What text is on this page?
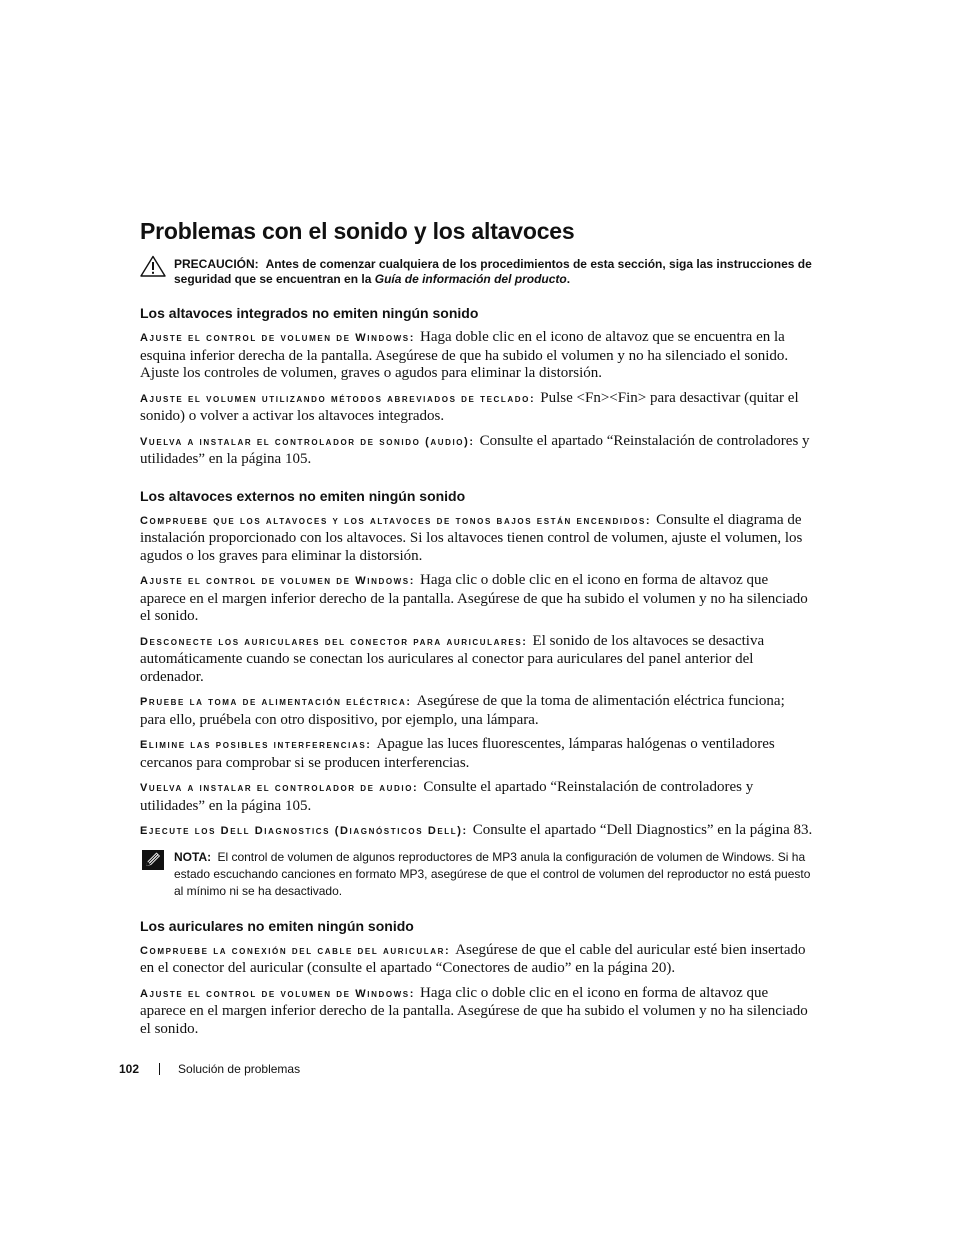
Problemas con el sonido y los altavoces
PRECAUCIÓN: Antes de comenzar cualquiera de los procedimientos de esta sección, siga las instrucciones de seguridad que se encuentran en la Guía de información del producto.
Los altavoces integrados no emiten ningún sonido

Ajuste el control de volumen de Windows: Haga doble clic en el icono de altavoz que se encuentra en la esquina inferior derecha de la pantalla. Asegúrese de que ha subido el volumen y no ha silenciado el sonido. Ajuste los controles de volumen, graves o agudos para eliminar la distorsión.

Ajuste el volumen utilizando métodos abreviados de teclado: Pulse <Fn><Fin> para desactivar (quitar el sonido) o volver a activar los altavoces integrados.

Vuelva a instalar el controlador de sonido (audio): Consulte el apartado “Reinstalación de controladores y utilidades” en la página 105.

Los altavoces externos no emiten ningún sonido

Compruebe que los altavoces y los altavoces de tonos bajos están encendidos: Consulte el diagrama de instalación proporcionado con los altavoces. Si los altavoces tienen control de volumen, ajuste el volumen, los agudos o los graves para eliminar la distorsión.

Ajuste el control de volumen de Windows: Haga clic o doble clic en el icono en forma de altavoz que aparece en el margen inferior derecho de la pantalla. Asegúrese de que ha subido el volumen y no ha silenciado el sonido.

Desconecte los auriculares del conector para auriculares: El sonido de los altavoces se desactiva automáticamente cuando se conectan los auriculares al conector para auriculares del panel anterior del ordenador.

Pruebe la toma de alimentación eléctrica: Asegúrese de que la toma de alimentación eléctrica funciona; para ello, pruébela con otro dispositivo, por ejemplo, una lámpara.

Elimine las posibles interferencias: Apague las luces fluorescentes, lámparas halógenas o ventiladores cercanos para comprobar si se producen interferencias.

Vuelva a instalar el controlador de audio: Consulte el apartado “Reinstalación de controladores y utilidades” en la página 105.

Ejecute los Dell Diagnostics (Diagnósticos Dell): Consulte el apartado “Dell Diagnostics” en la página 83.

NOTA: El control de volumen de algunos reproductores de MP3 anula la configuración de volumen de Windows. Si ha estado escuchando canciones en formato MP3, asegúrese de que el control de volumen del reproductor no está puesto al mínimo ni se ha desactivado.
Los auriculares no emiten ningún sonido

Compruebe la conexión del cable del auricular: Asegúrese de que el cable del auricular esté bien insertado en el conector del auricular (consulte el apartado “Conectores de audio” en la página 20).

Ajuste el control de volumen de Windows: Haga clic o doble clic en el icono en forma de altavoz que aparece en el margen inferior derecho de la pantalla. Asegúrese de que ha subido el volumen y no ha silenciado el sonido.

102	Solución de problemas
